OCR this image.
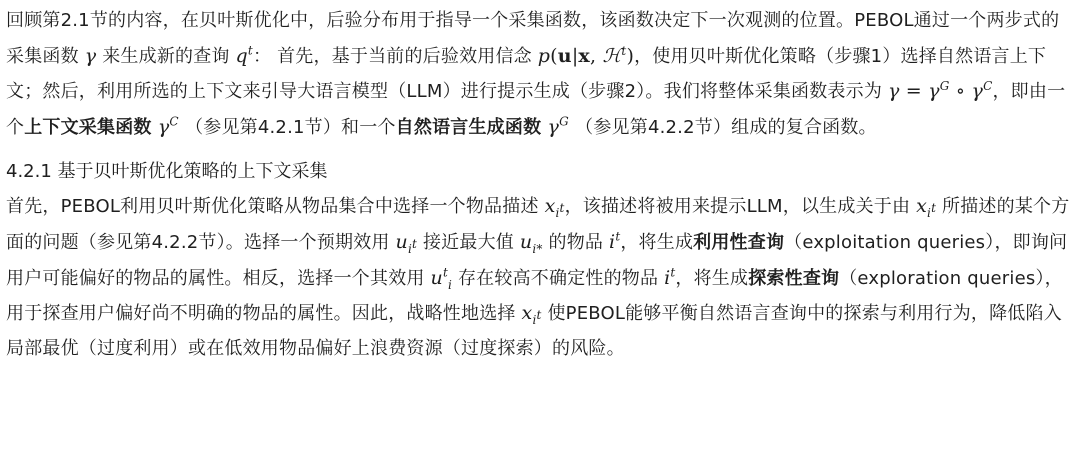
回顾第2.1节的内容，在贝叶斯优化中，后验分布用于指导一个采集函数，该函数决定下一次观测的位置。PEBOL通过一个两步式的采集函数 γ 来生成新的查询 $q^t$： 首先，基于当前的后验效用信念 p(u|x, ℋ$^t$)，使用贝叶斯优化策略（步骤1）选择自然语言上下文；然后，利用所选的上下文来引导大语言模型（LLM）进行提示生成（步骤2）。我们将整体采集函数表示为 $\gamma = \gamma^G$ ∘ $\gamma^C$，即由一个上下文采集函数 $\gamma^C$ （参见第4.2.1节）和一个自然语言生成函数 $\gamma^G$ （参见第4.2.2节）组成的复合函数。

4.2.1 基于贝叶斯优化策略的上下文采集

首先，PEBOL利用贝叶斯优化策略从物品集合中选择一个物品描述 $x_{i^t}$，该描述将被用来提示LLM，以生成关于由 $x_{i^t}$ 所描述的某个方面的问题（参见第4.2.2节）。选择一个预期效用 $u_{i^t}$ 接近最大值 $u_{i*}$ 的物品 $i^t$，将生成利用性查询（exploitation queries），即询问用户可能偏好的物品的属性。相反，选择一个其效用 $u^t_i$ 存在较高不确定性的物品 $i^t$，将生成探索性查询（exploration queries），用于探查用户偏好尚不明确的物品的属性。因此，战略性地选择 $x_{i^t}$ 使PEBOL能够平衡自然语言查询中的探索与利用行为，降低陷入局部最优（过度利用）或在低效用物品偏好上浪费资源（过度探索）的风险。
